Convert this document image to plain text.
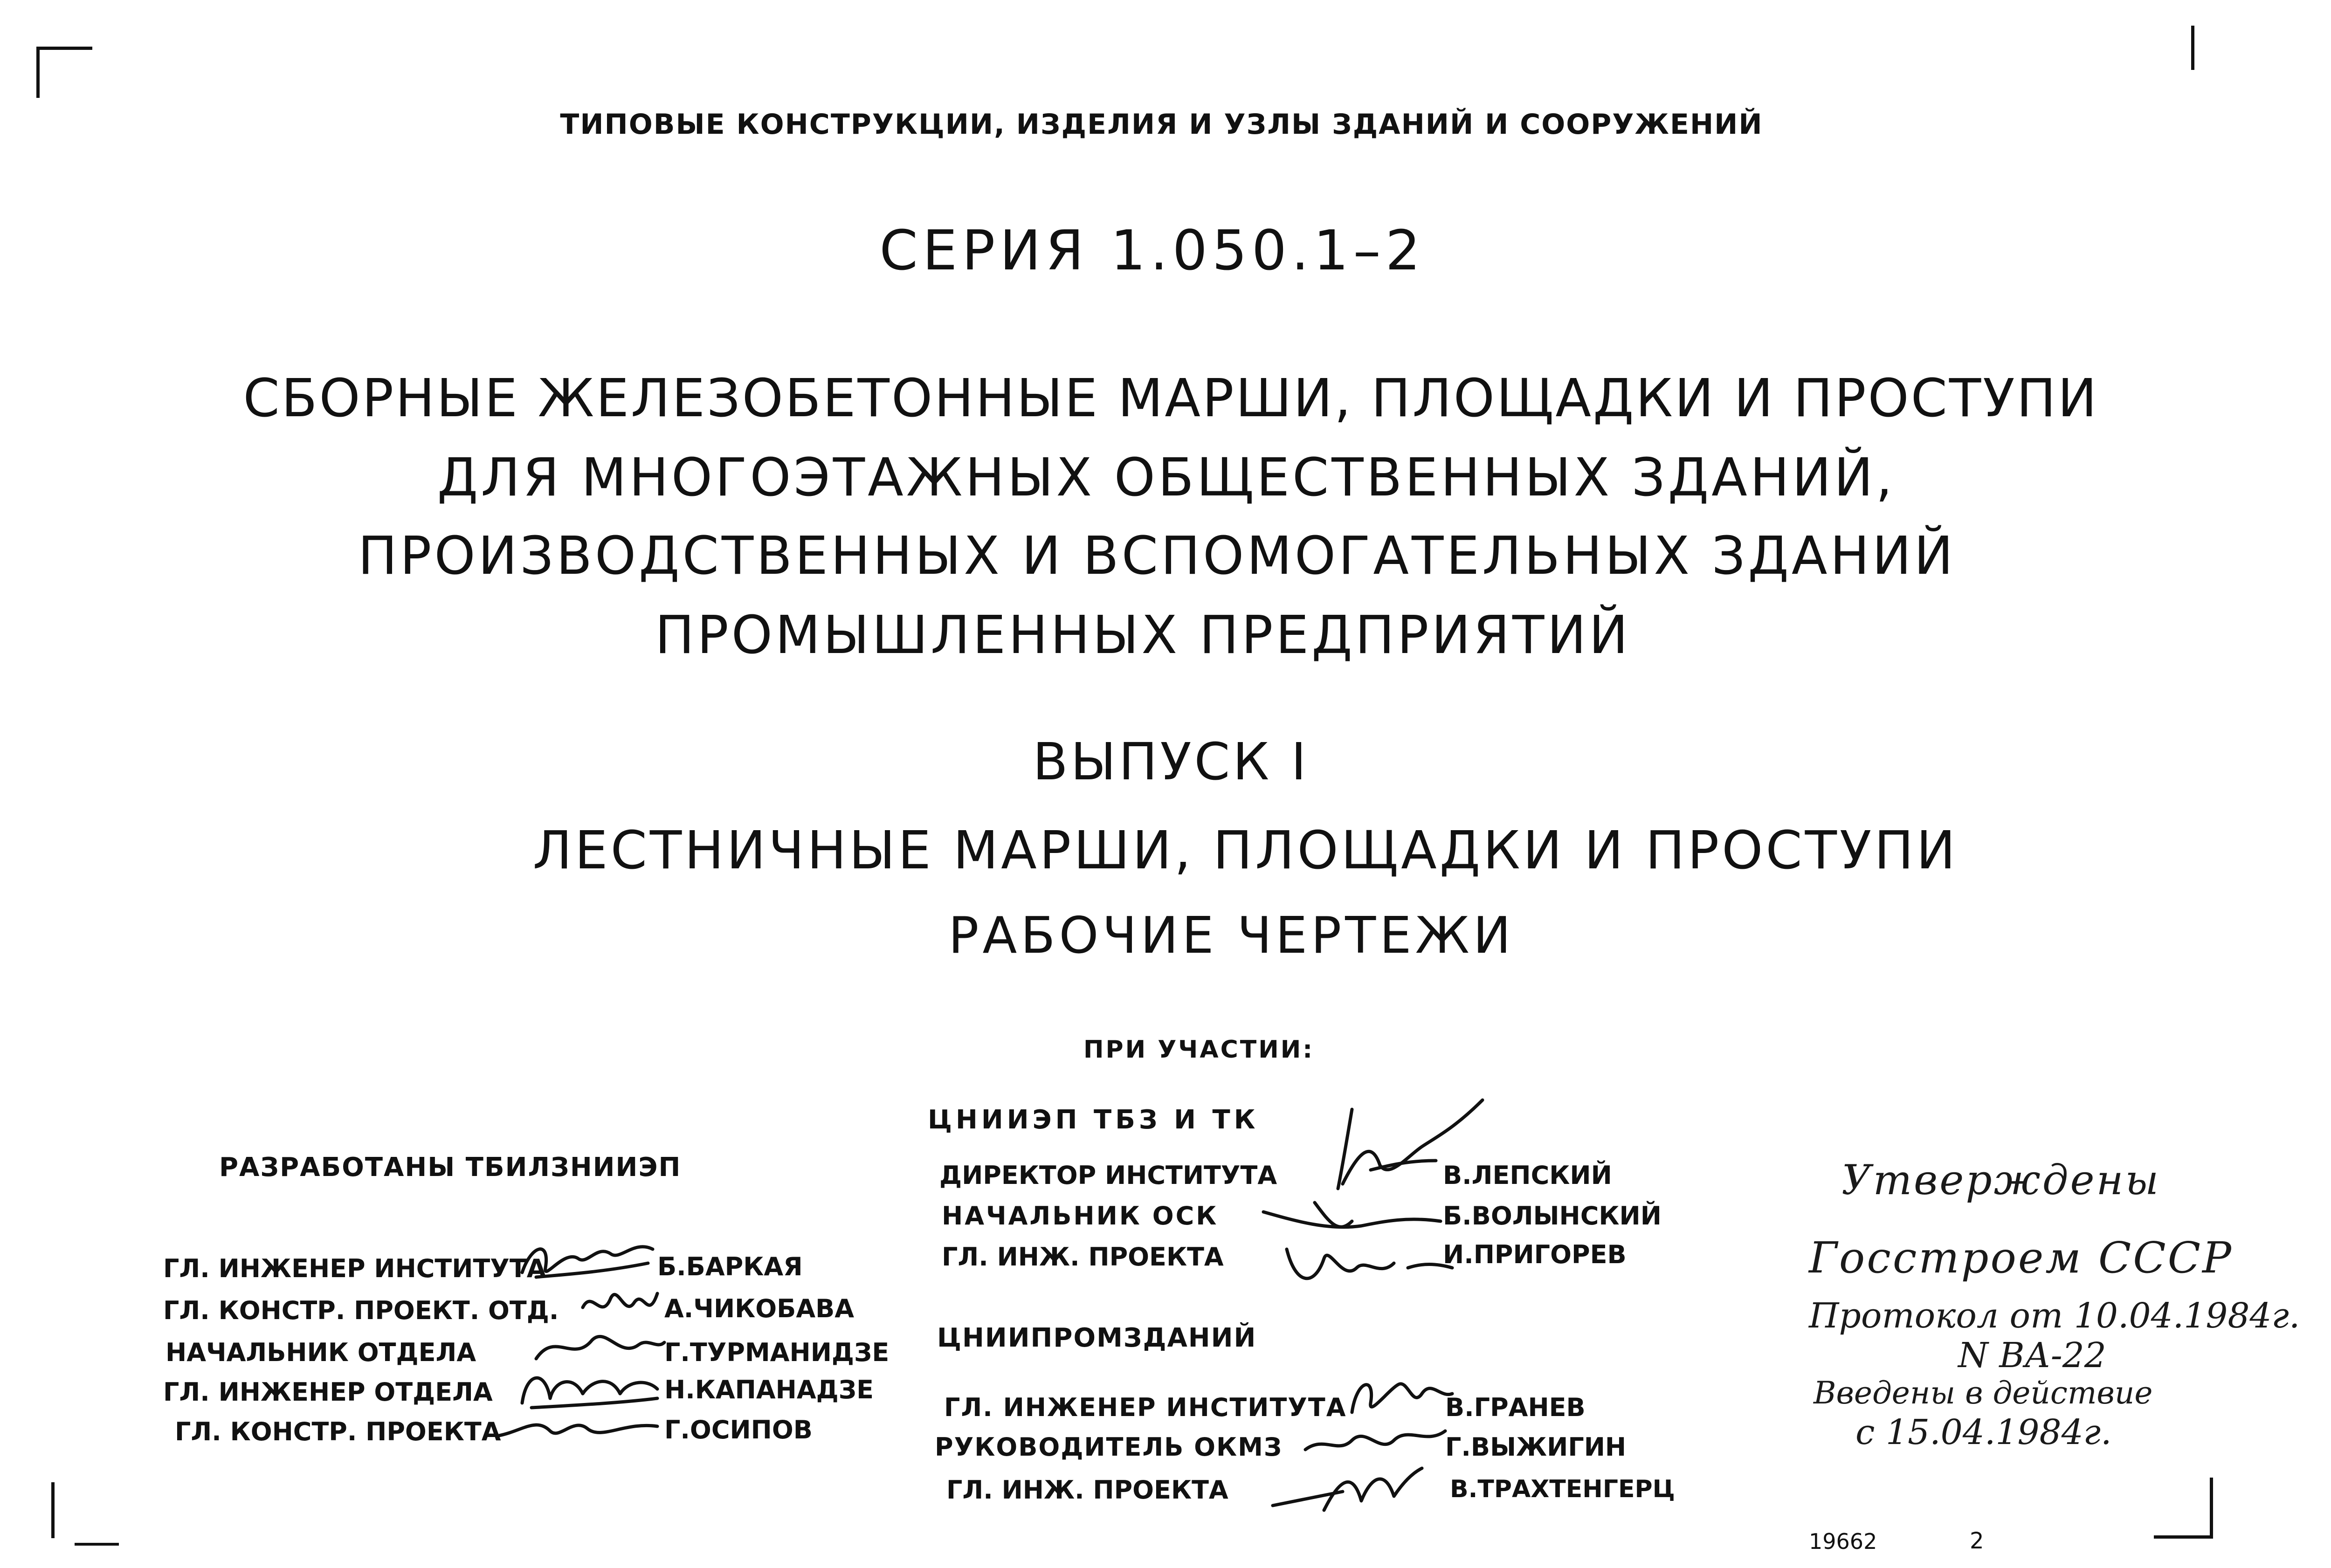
ТИПОВЫЕ КОНСТРУКЦИИ, ИЗДЕЛИЯ И УЗЛЫ ЗДАНИЙ И СООРУЖЕНИЙ
СЕРИЯ 1.050.1–2
СБОРНЫЕ ЖЕЛЕЗОБЕТОННЫЕ МАРШИ, ПЛОЩАДКИ И ПРОСТУПИ
ДЛЯ МНОГОЭТАЖНЫХ ОБЩЕСТВЕННЫХ ЗДАНИЙ,
ПРОИЗВОДСТВЕННЫХ И ВСПОМОГАТЕЛЬНЫХ ЗДАНИЙ
ПРОМЫШЛЕННЫХ ПРЕДПРИЯТИЙ
ВЫПУСК I
ЛЕСТНИЧНЫЕ МАРШИ, ПЛОЩАДКИ И ПРОСТУПИ
РАБОЧИЕ ЧЕРТЕЖИ
ПРИ УЧАСТИИ:
РАЗРАБОТАНЫ ТБИЛЗНИИЭП
ГЛ. ИНЖЕНЕР ИНСТИТУТА	Б.БАРКАЯ
ГЛ. КОНСТР. ПРОЕКТ. ОТД.	А.ЧИКОБАВА
НАЧАЛЬНИК ОТДЕЛА	Г.ТУРМАНИДЗЕ
ГЛ. ИНЖЕНЕР ОТДЕЛА	Н.КАПАНАДЗЕ
ГЛ. КОНСТР. ПРОЕКТА	Г.ОСИПОВ
ЦНИИЭП ТБЗ И ТК
ДИРЕКТОР ИНСТИТУТА	В.ЛЕПСКИЙ
НАЧАЛЬНИК ОСК	Б.ВОЛЫНСКИЙ
ГЛ. ИНЖ. ПРОЕКТА	И.ПРИГОРЕВ
ЦНИИПРОМЗДАНИЙ
ГЛ. ИНЖЕНЕР ИНСТИТУТА	В.ГРАНЕВ
РУКОВОДИТЕЛЬ ОКМЗ	Г.ВЫЖИГИН
ГЛ. ИНЖ. ПРОЕКТА	В.ТРАХТЕНГЕРЦ
Утверждены
Госстроем СССР
Протокол от 10.04.1984г.
N ВА-22
Введены в действие
с 15.04.1984г.
19662	2
